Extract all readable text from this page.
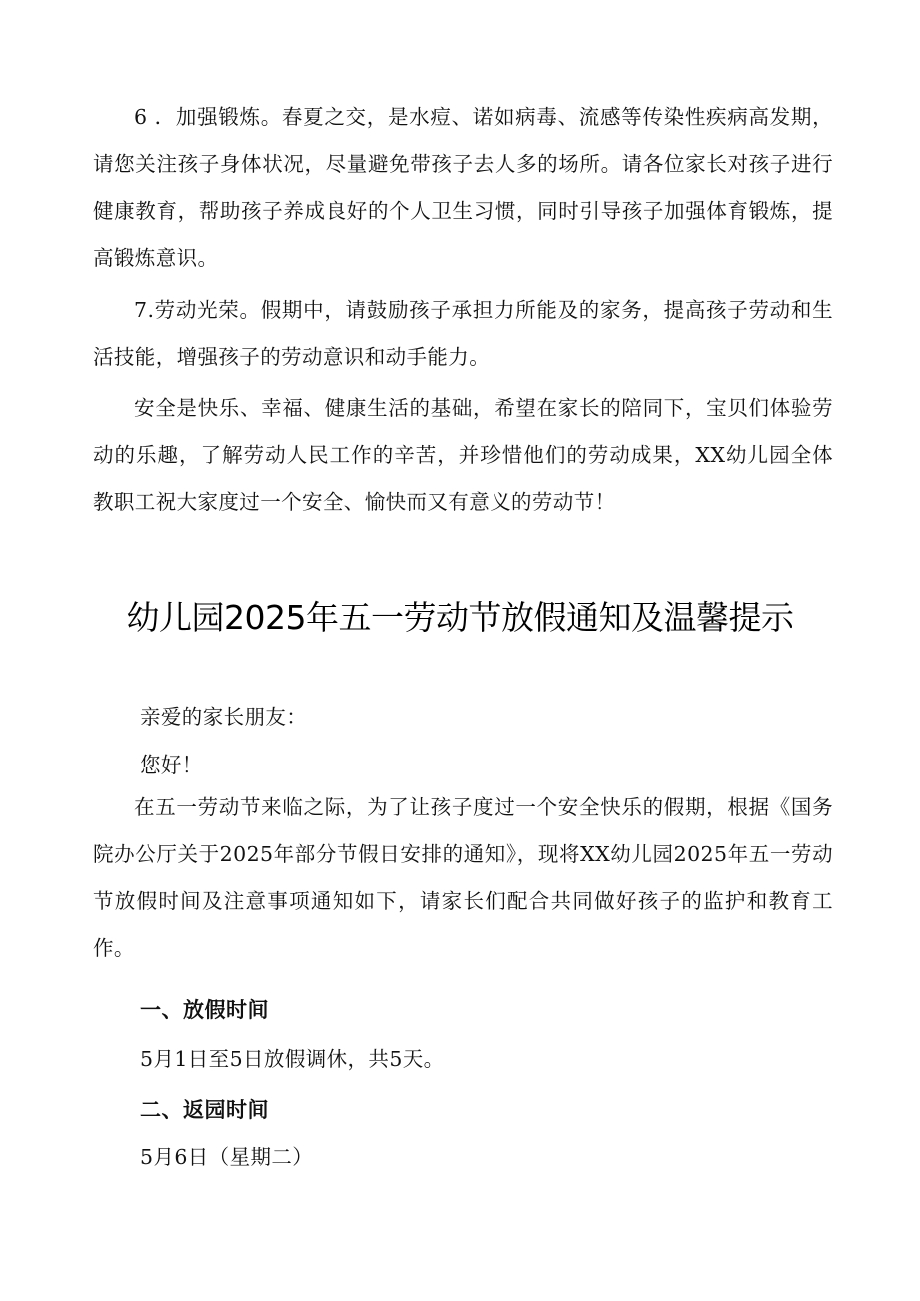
6 ．加强锻炼。春夏之交，是水痘、诺如病毒、流感等传染性疾病高发期，请您关注孩子身体状况，尽量避免带孩子去人多的场所。请各位家长对孩子进行健康教育，帮助孩子养成良好的个人卫生习惯，同时引导孩子加强体育锻炼，提高锻炼意识。

7.劳动光荣。假期中，请鼓励孩子承担力所能及的家务，提高孩子劳动和生活技能，增强孩子的劳动意识和动手能力。

安全是快乐、幸福、健康生活的基础，希望在家长的陪同下，宝贝们体验劳动的乐趣，了解劳动人民工作的辛苦，并珍惜他们的劳动成果，XX幼儿园全体教职工祝大家度过一个安全、愉快而又有意义的劳动节！

幼儿园2025年五一劳动节放假通知及温馨提示

亲爱的家长朋友：

您好！

在五一劳动节来临之际，为了让孩子度过一个安全快乐的假期，根据《国务院办公厅关于2025年部分节假日安排的通知》，现将XX幼儿园2025年五一劳动节放假时间及注意事项通知如下，请家长们配合共同做好孩子的监护和教育工作。

一、放假时间

5月1日至5日放假调休，共5天。

二、返园时间

5月6日（星期二）
